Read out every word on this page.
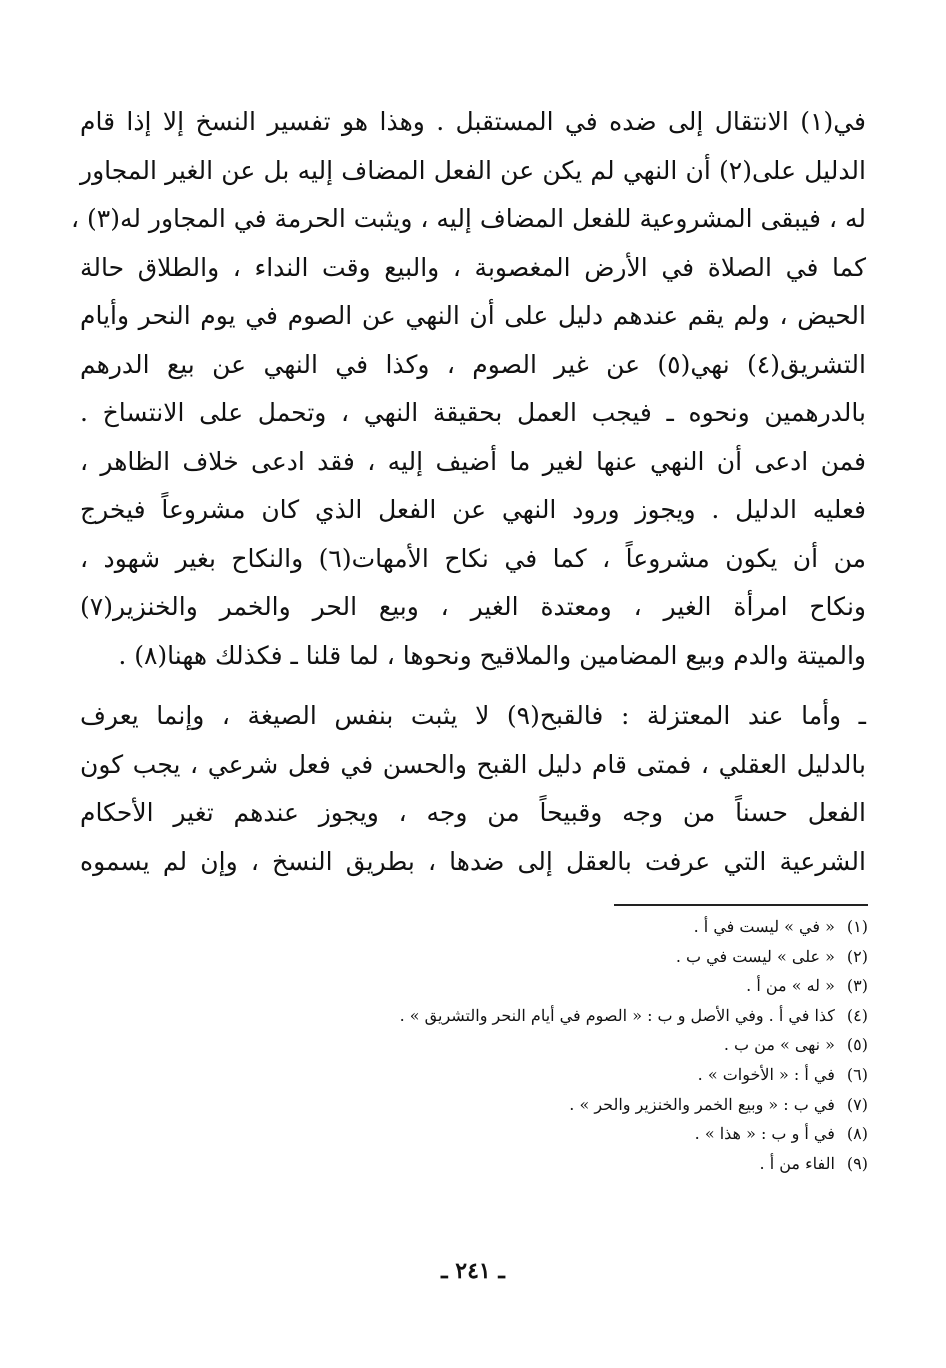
في(١) الانتقال إلى ضده في المستقبل . وهذا هو تفسير النسخ إلا إذا قام
الدليل على(٢) أن النهي لم يكن عن الفعل المضاف إليه بل عن الغير المجاور
له ، فيبقى المشروعية للفعل المضاف إليه ، ويثبت الحرمة في المجاور له(٣) ،
كما في الصلاة في الأرض المغصوبة ، والبيع وقت النداء ، والطلاق حالة
الحيض ، ولم يقم عندهم دليل على أن النهي عن الصوم في يوم النحر وأيام
التشريق(٤) نهي(٥) عن غير الصوم ، وكذا في النهي عن بيع الدرهم
بالدرهمين ونحوه ـ فيجب العمل بحقيقة النهي ، وتحمل على الانتساخ .
فمن ادعى أن النهي عنها لغير ما أضيف إليه ، فقد ادعى خلاف الظاهر ،
فعليه الدليل . ويجوز ورود النهي عن الفعل الذي كان مشروعاً فيخرج
من أن يكون مشروعاً ، كما في نكاح الأمهات(٦) والنكاح بغير شهود ،
ونكاح امرأة الغير ، ومعتدة الغير ، وبيع الحر والخمر والخنزير(٧)
والميتة والدم وبيع المضامين والملاقيح ونحوها ، لما قلنا ـ فكذلك ههنا(٨) .
ـ وأما عند المعتزلة : فالقبح(٩) لا يثبت بنفس الصيغة ، وإنما يعرف
بالدليل العقلي ، فمتى قام دليل القبح والحسن في فعل شرعي ، يجب كون
الفعل حسناً من وجه وقبيحاً من وجه ، ويجوز عندهم تغير الأحكام
الشرعية التي عرفت بالعقل إلى ضدها ، بطريق النسخ ، وإن لم يسموه
(١)« في » ليست في أ .
(٢)« على » ليست في ب .
(٣)« له » من أ .
(٤)كذا في أ . وفي الأصل و ب : « الصوم في أيام النحر والتشريق » .
(٥)« نهى » من ب .
(٦)في أ : « الأخوات » .
(٧)في ب : « وبيع الخمر والخنزير والحر » .
(٨)في أ و ب : « هذا » .
(٩)الفاء من أ .
ـ ٢٤١ ـ
